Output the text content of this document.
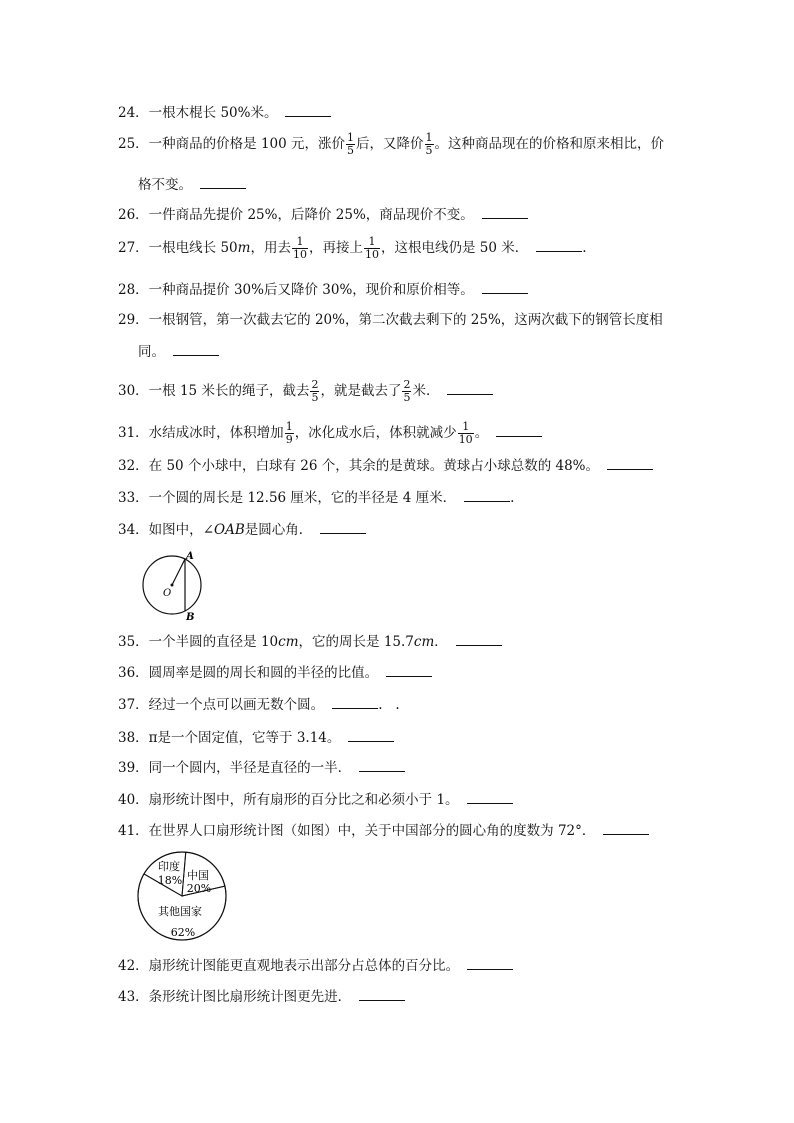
24．一根木棍长 50%米。
25．一种商品的价格是 100 元，涨价 $\frac{1}{5}$ 后，又降价 $\frac{1}{5}$ 。这种商品现在的价格和原来相比，价
格不变。
26．一件商品先提价 25%，后降价 25%，商品现价不变。
27．一根电线长 50m，用去 $\frac{1}{10}$ ，再接上 $\frac{1}{10}$ ，这根电线仍是 50 米．	.
28．一种商品提价 30%后又降价 30%，现价和原价相等。
29．一根钢管，第一次截去它的 20%，第二次截去剩下的 25%，这两次截下的钢管长度相
同。
30．一根 15 米长的绳子，截去 $\frac{2}{5}$ ，就是截去了 $\frac{2}{5}$ 米．
31．水结成冰时，体积增加 $\frac{1}{9}$ ，冰化成水后，体积就减少 $\frac{1}{10}$ 。
32．在 50 个小球中，白球有 26 个，其余的是黄球。黄球占小球总数的 48%。
33．一个圆的周长是 12.56 厘米，它的半径是 4 厘米．	.
34．如图中，∠OAB是圆心角．
A
O
B
35．一个半圆的直径是 10cm，它的周长是 15.7cm．
36．圆周率是圆的周长和圆的半径的比值。
37．经过一个点可以画无数个圆。	.   .
38．π是一个固定值，它等于 3.14。
39．同一个圆内，半径是直径的一半．
40．扇形统计图中，所有扇形的百分比之和必须小于 1。
41．在世界人口扇形统计图（如图）中，关于中国部分的圆心角的度数为 72°．
印度
18% 中国
20%
其他国家
62%
42．扇形统计图能更直观地表示出部分占总体的百分比。
43．条形统计图比扇形统计图更先进．
